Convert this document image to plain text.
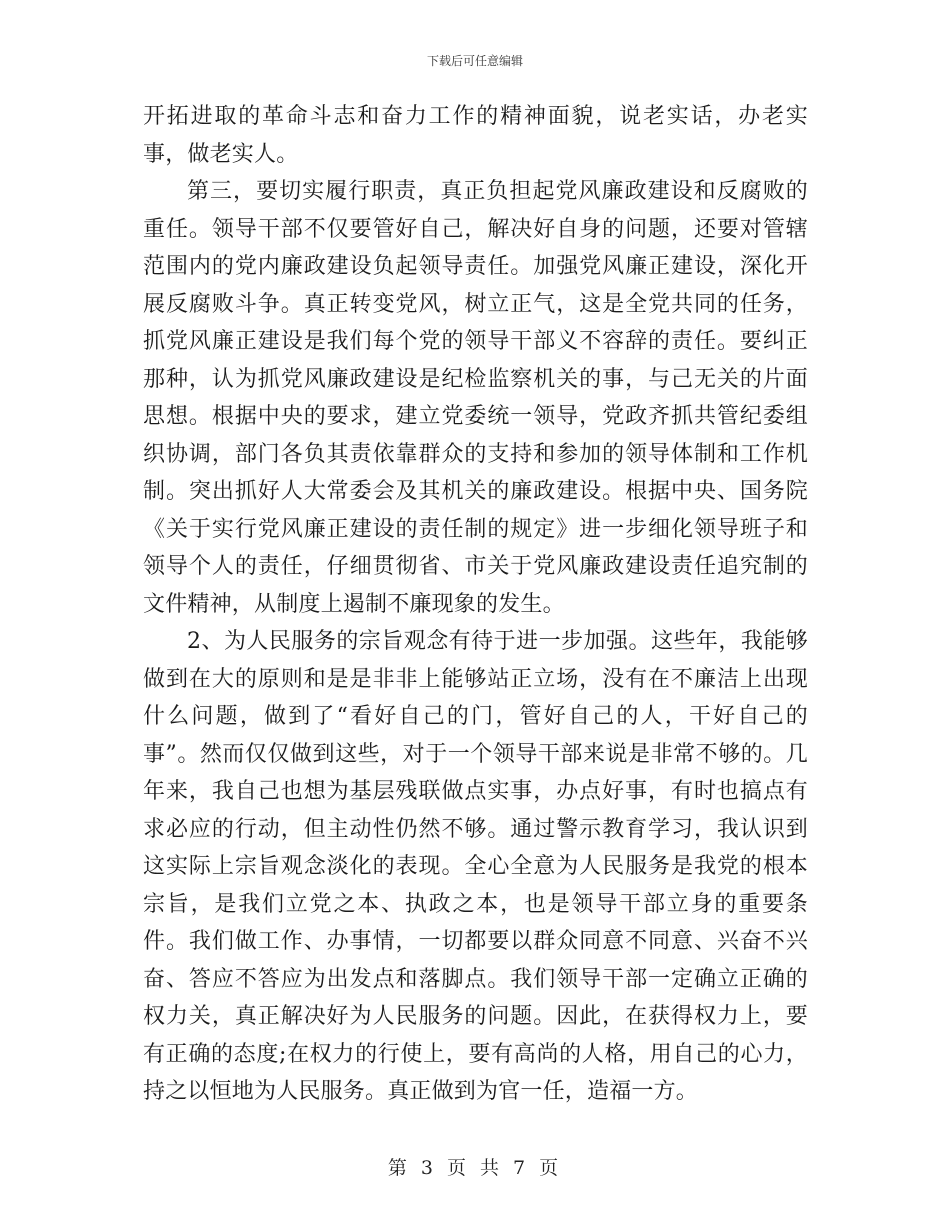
下载后可任意编辑

开拓进取的革命斗志和奋力工作的精神面貌，说老实话，办老实事，做老实人。

第三，要切实履行职责，真正负担起党风廉政建设和反腐败的重任。领导干部不仅要管好自己，解决好自身的问题，还要对管辖范围内的党内廉政建设负起领导责任。加强党风廉正建设，深化开展反腐败斗争。真正转变党风，树立正气，这是全党共同的任务，抓党风廉正建设是我们每个党的领导干部义不容辞的责任。要纠正那种，认为抓党风廉政建设是纪检监察机关的事，与己无关的片面思想。根据中央的要求，建立党委统一领导，党政齐抓共管纪委组织协调，部门各负其责依靠群众的支持和参加的领导体制和工作机制。突出抓好人大常委会及其机关的廉政建设。根据中央、国务院《关于实行党风廉正建设的责任制的规定》进一步细化领导班子和领导个人的责任，仔细贯彻省、市关于党风廉政建设责任追究制的文件精神，从制度上遏制不廉现象的发生。

2、为人民服务的宗旨观念有待于进一步加强。这些年，我能够做到在大的原则和是是非非上能够站正立场，没有在不廉洁上出现什么问题，做到了“看好自己的门，管好自己的人，干好自己的事”。然而仅仅做到这些，对于一个领导干部来说是非常不够的。几年来，我自己也想为基层残联做点实事，办点好事，有时也搞点有求必应的行动，但主动性仍然不够。通过警示教育学习，我认识到这实际上宗旨观念淡化的表现。全心全意为人民服务是我党的根本宗旨，是我们立党之本、执政之本，也是领导干部立身的重要条件。我们做工作、办事情，一切都要以群众同意不同意、兴奋不兴奋、答应不答应为出发点和落脚点。我们领导干部一定确立正确的权力关，真正解决好为人民服务的问题。因此，在获得权力上，要有正确的态度;在权力的行使上，要有高尚的人格，用自己的心力，持之以恒地为人民服务。真正做到为官一任，造福一方。

第 3 页 共 7 页
